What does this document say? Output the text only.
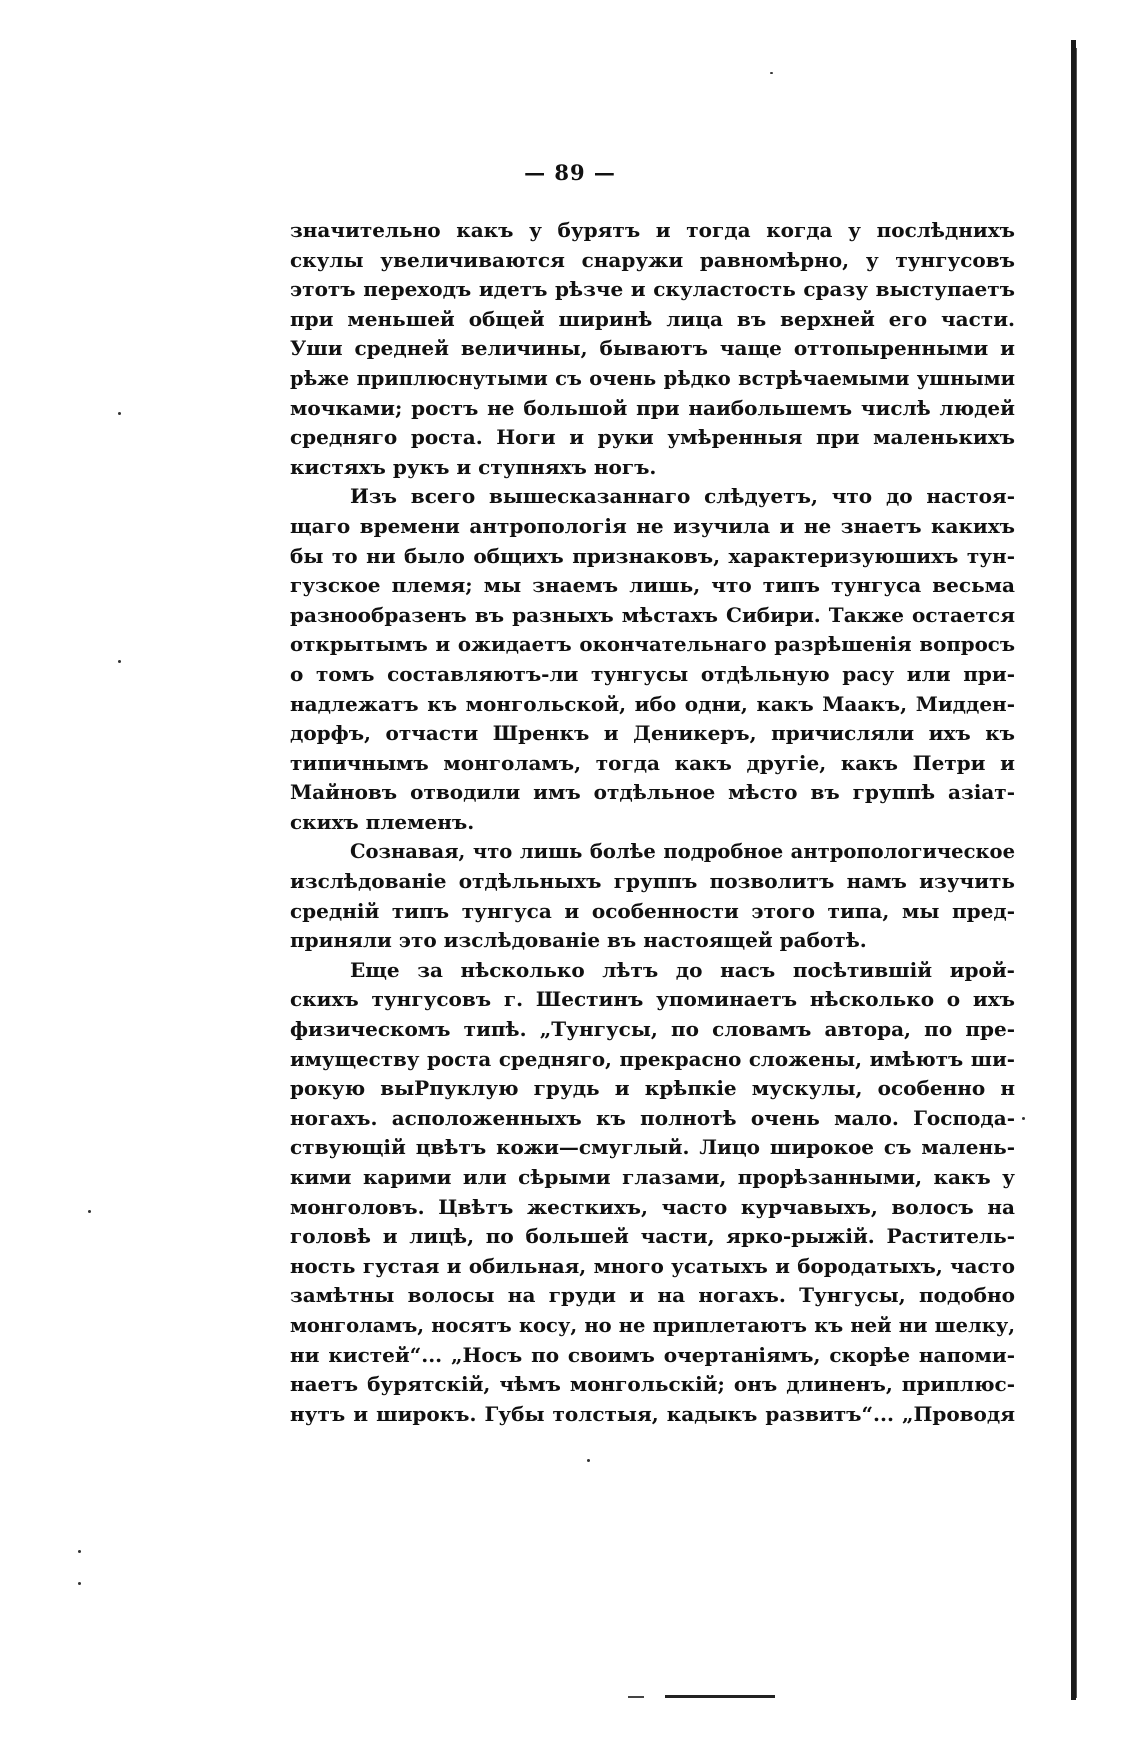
— 89 —
значительно какъ у бурятъ и тогда когда у послѣднихъ
скулы увеличиваются снаружи равномѣрно, у тунгусовъ
этотъ переходъ идетъ рѣзче и скуластость сразу выступаетъ
при меньшей общей ширинѣ лица въ верхней его части.
Уши средней величины, бываютъ чаще оттопыренными и
рѣже приплюснутыми съ очень рѣдко встрѣчаемыми ушными
мочками; ростъ не большой при наибольшемъ числѣ людей
средняго роста. Ноги и руки умѣренныя при маленькихъ
кистяхъ рукъ и ступняхъ ногъ.
Изъ всего вышесказаннаго слѣдуетъ, что до настоя-
щаго времени антропологія не изучила и не знаетъ какихъ
бы то ни было общихъ признаковъ, характеризуюшихъ тун-
гузское племя; мы знаемъ лишь, что типъ тунгуса весьма
разнообразенъ въ разныхъ мѣстахъ Сибири. Также остается
открытымъ и ожидаетъ окончательнаго разрѣшенія вопросъ
о томъ составляютъ-ли тунгусы отдѣльную расу или при-
надлежатъ къ монгольской, ибо одни, какъ Маакъ, Мидден-
дорфъ, отчасти Шренкъ и Деникеръ, причисляли ихъ къ
типичнымъ монголамъ, тогда какъ другіе, какъ Петри и
Майновъ отводили имъ отдѣльное мѣсто въ группѣ азіат-
скихъ племенъ.
Сознавая, что лишь болѣе подробное антропологическое
изслѣдованіе отдѣльныхъ группъ позволитъ намъ изучить
средній типъ тунгуса и особенности этого типа, мы пред-
приняли это изслѣдованіе въ настоящей работѣ.
Еще за нѣсколько лѣтъ до насъ посѣтившій ирой-
скихъ тунгусовъ г. Шестинъ упоминаетъ нѣсколько о ихъ
физическомъ типѣ. „Тунгусы, по словамъ автора, по пре-
имуществу роста средняго, прекрасно сложены, имѣютъ ши-
рокую выРпуклую грудь и крѣпкіе мускулы, особенно н
ногахъ. асположенныхъ къ полнотѣ очень мало. Господа-
ствующій цвѣтъ кожи—смуглый. Лицо широкое съ малень-
кими карими или сѣрыми глазами, прорѣзанными, какъ у
монголовъ. Цвѣтъ жесткихъ, часто курчавыхъ, волосъ на
головѣ и лицѣ, по большей части, ярко-рыжій. Раститель-
ность густая и обильная, много усатыхъ и бородатыхъ, часто
замѣтны волосы на груди и на ногахъ. Тунгусы, подобно
монголамъ, носятъ косу, но не приплетаютъ къ ней ни шелку,
ни кистей“... „Носъ по своимъ очертаніямъ, скорѣе напоми-
наетъ бурятскій, чѣмъ монгольскій; онъ длиненъ, приплюс-
нутъ и широкъ. Губы толстыя, кадыкъ развитъ“... „Проводя
